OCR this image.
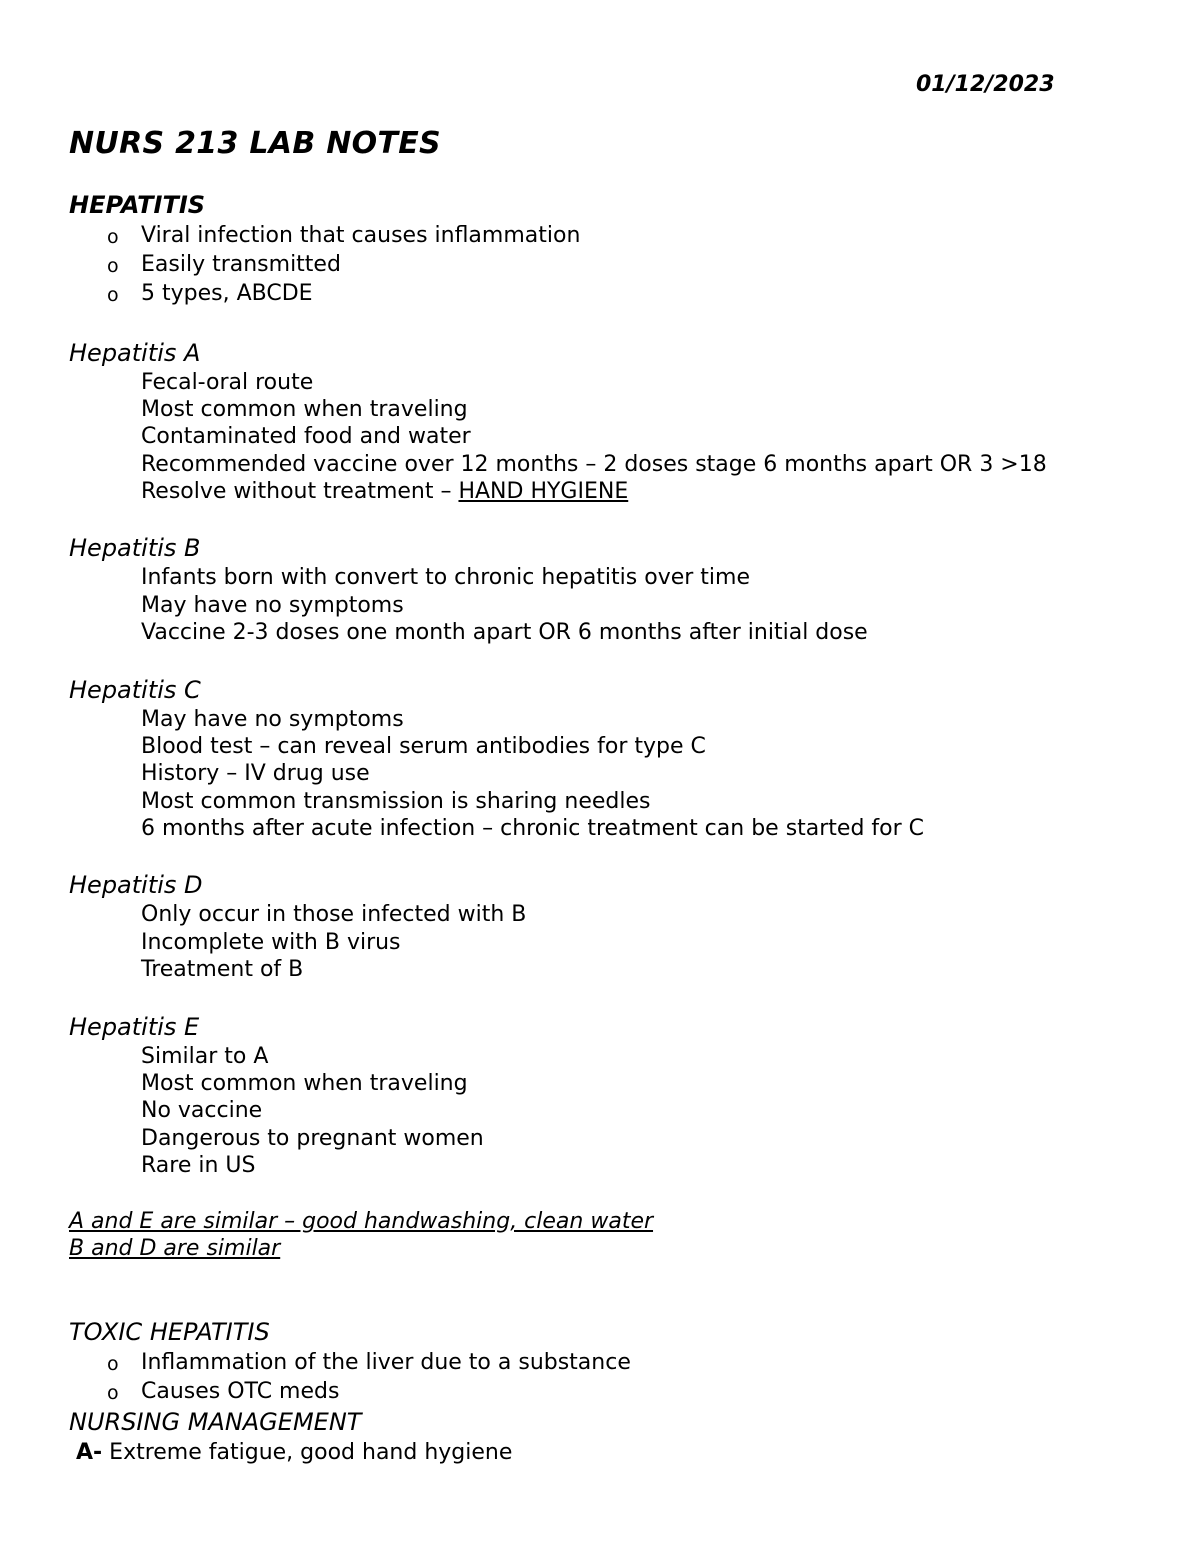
01/12/2023
NURS 213 LAB NOTES
HEPATITIS
o Viral infection that causes inflammation
o Easily transmitted
o 5 types, ABCDE
Hepatitis A
Fecal-oral route
Most common when traveling
Contaminated food and water
Recommended vaccine over 12 months – 2 doses stage 6 months apart OR 3 >18
Resolve without treatment – HAND HYGIENE
Hepatitis B
Infants born with convert to chronic hepatitis over time
May have no symptoms
Vaccine 2-3 doses one month apart OR 6 months after initial dose
Hepatitis C
May have no symptoms
Blood test – can reveal serum antibodies for type C
History – IV drug use
Most common transmission is sharing needles
6 months after acute infection – chronic treatment can be started for C
Hepatitis D
Only occur in those infected with B
Incomplete with B virus
Treatment of B
Hepatitis E
Similar to A
Most common when traveling
No vaccine
Dangerous to pregnant women
Rare in US
A and E are similar – good handwashing, clean water
B and D are similar
TOXIC HEPATITIS
o Inflammation of the liver due to a substance
o Causes OTC meds
NURSING MANAGEMENT
A- Extreme fatigue, good hand hygiene
